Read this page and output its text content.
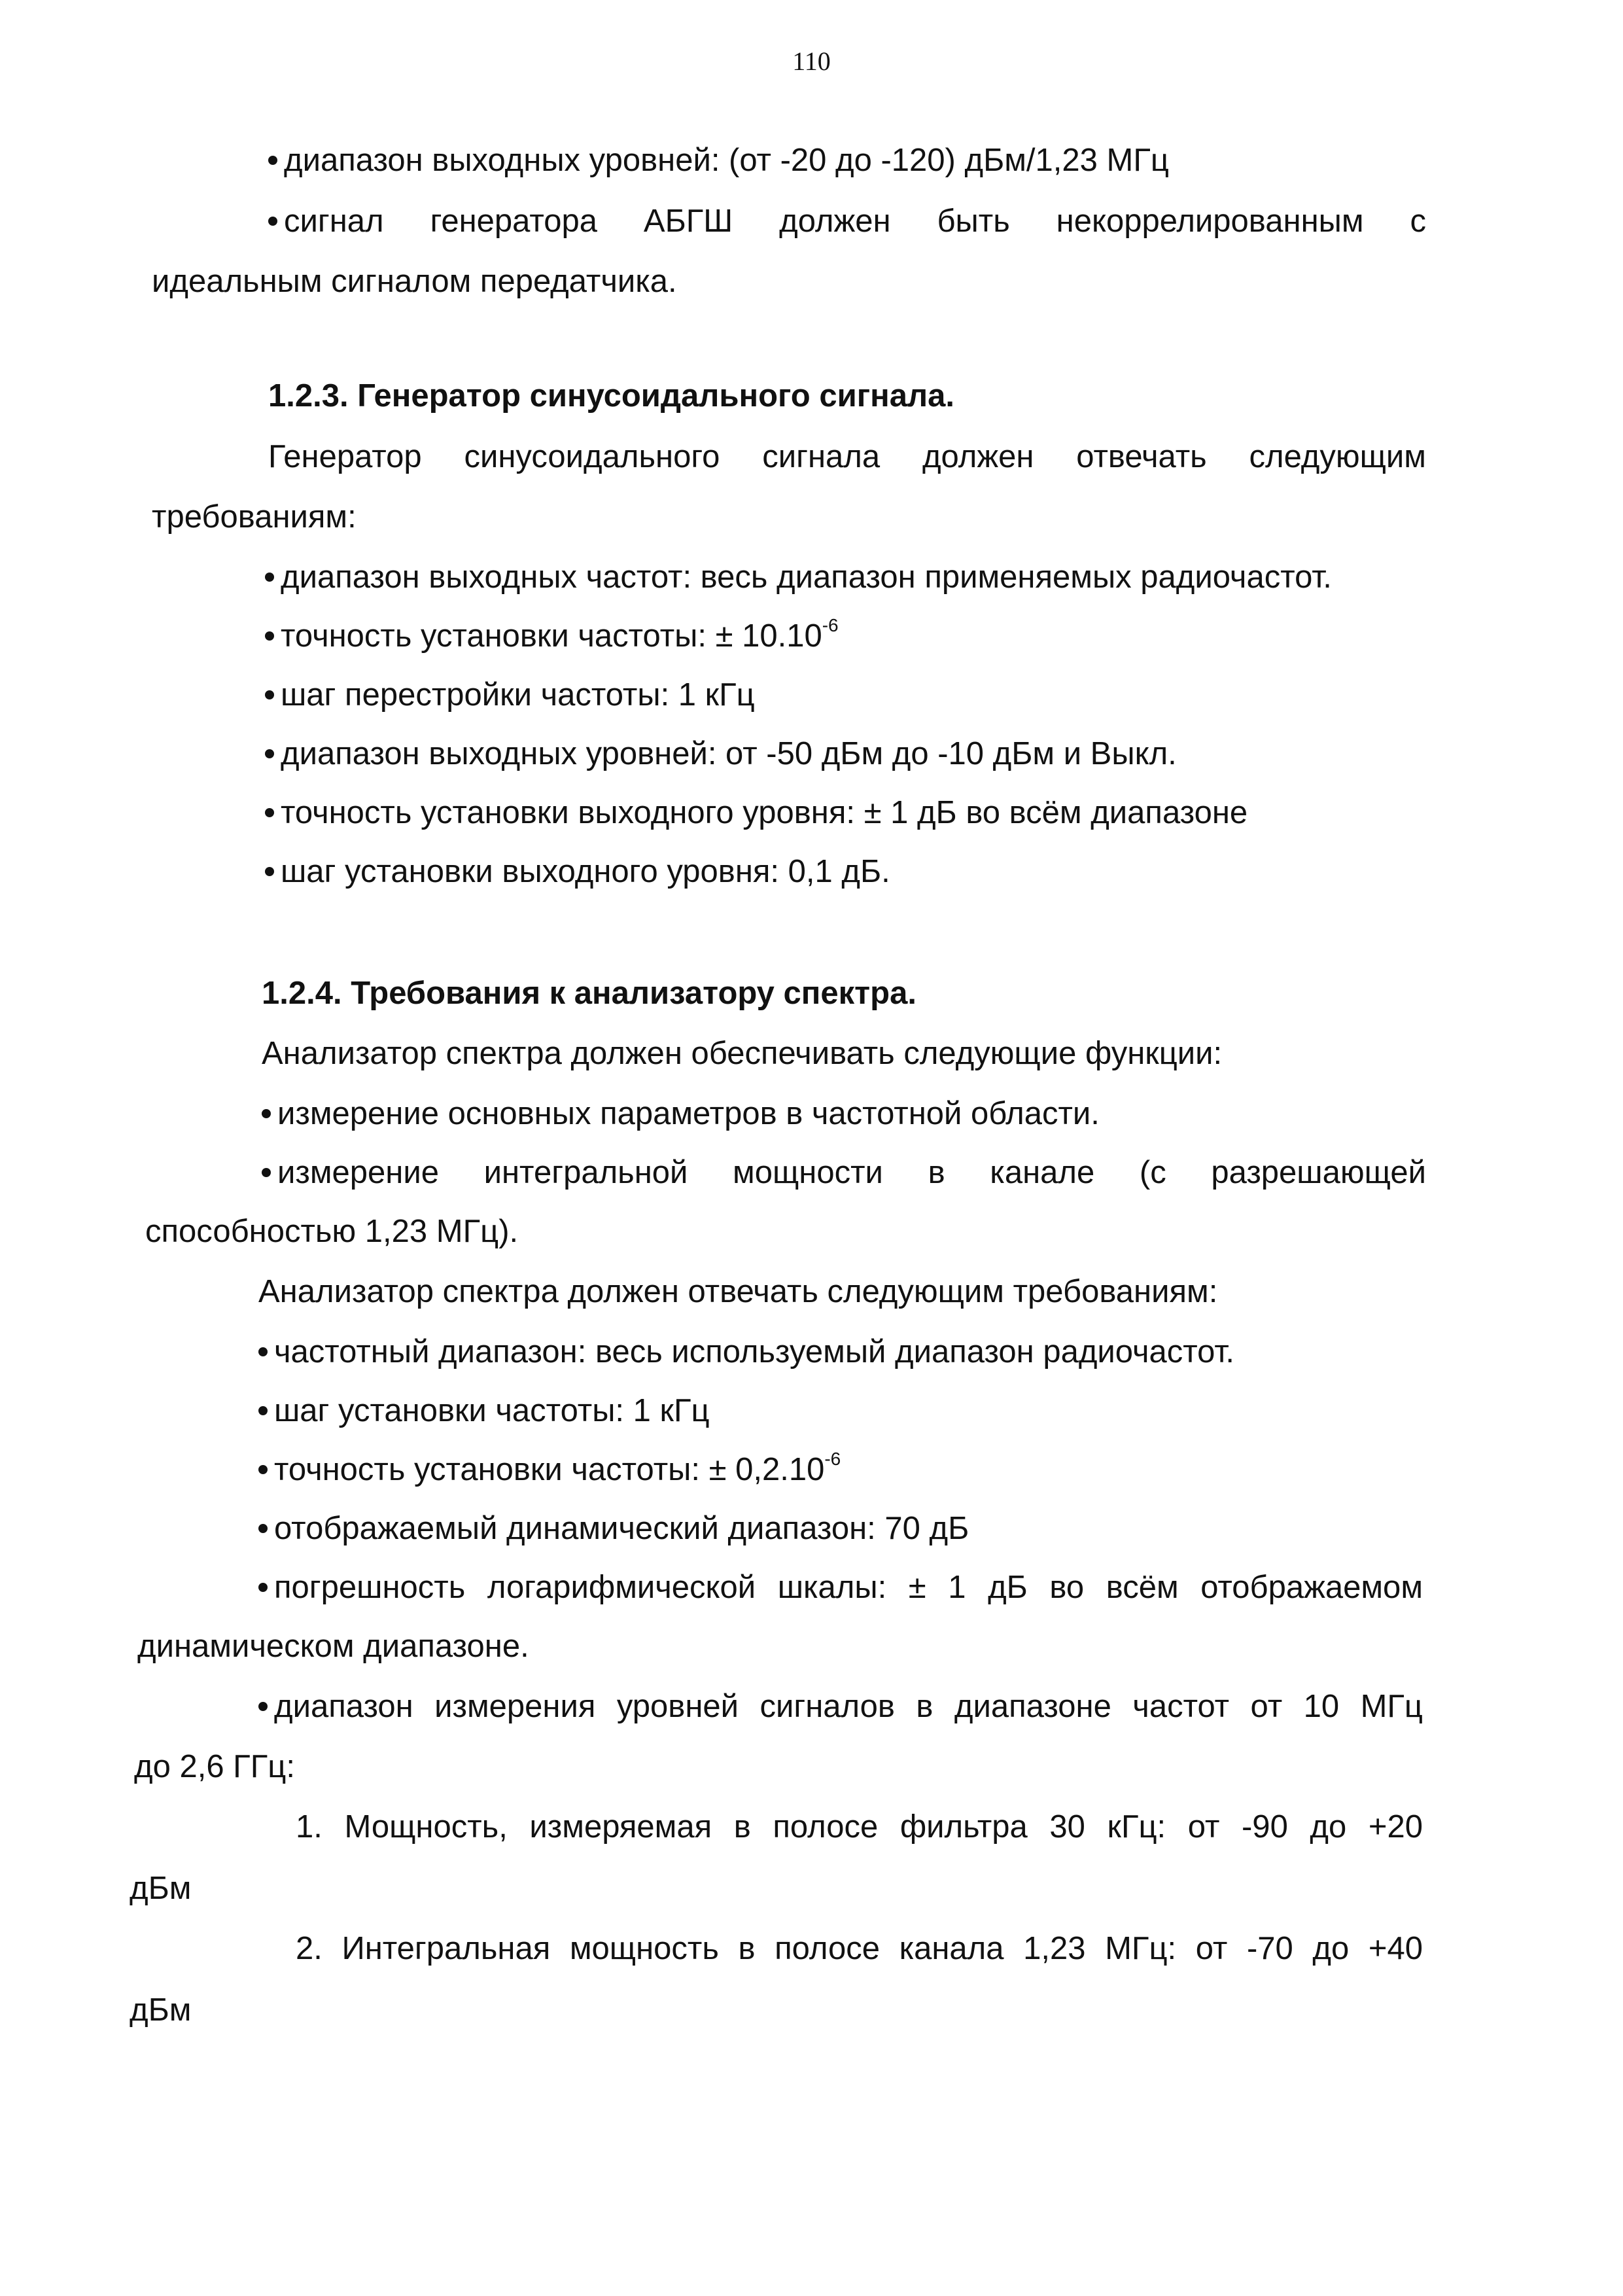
110
диапазон выходных уровней: (от -20 до -120) дБм/1,23 МГц
сигнал генератора АБГШ должен быть некоррелированным с
идеальным сигналом передатчика.
1.2.3. Генератор синусоидального сигнала.
Генератор синусоидального сигнала должен отвечать следующим
требованиям:
диапазон выходных частот: весь диапазон применяемых радиочастот.
точность установки частоты: ± $10.10^{-6}$
шаг перестройки частоты: 1 кГц
диапазон выходных уровней: от -50 дБм до -10 дБм и Выкл.
точность установки выходного уровня: ± 1 дБ во всём диапазоне
шаг установки выходного уровня: 0,1 дБ.
1.2.4. Требования к анализатору спектра.
Анализатор спектра должен обеспечивать следующие функции:
измерение основных параметров в частотной области.
измерение интегральной мощности в канале (с разрешающей
способностью 1,23 МГц).
Анализатор спектра должен отвечать следующим требованиям:
частотный диапазон: весь используемый диапазон радиочастот.
шаг установки частоты: 1 кГц
точность установки частоты: ± $0,2.10^{-6}$
отображаемый динамический диапазон: 70 дБ
погрешность логарифмической шкалы: ± 1 дБ во всём отображаемом
динамическом диапазоне.
диапазон измерения уровней сигналов в диапазоне частот от 10 МГц
до 2,6 ГГц:
1. Мощность, измеряемая в полосе фильтра 30 кГц: от -90 до +20
дБм
2. Интегральная мощность в полосе канала 1,23 МГц: от -70 до +40
дБм
